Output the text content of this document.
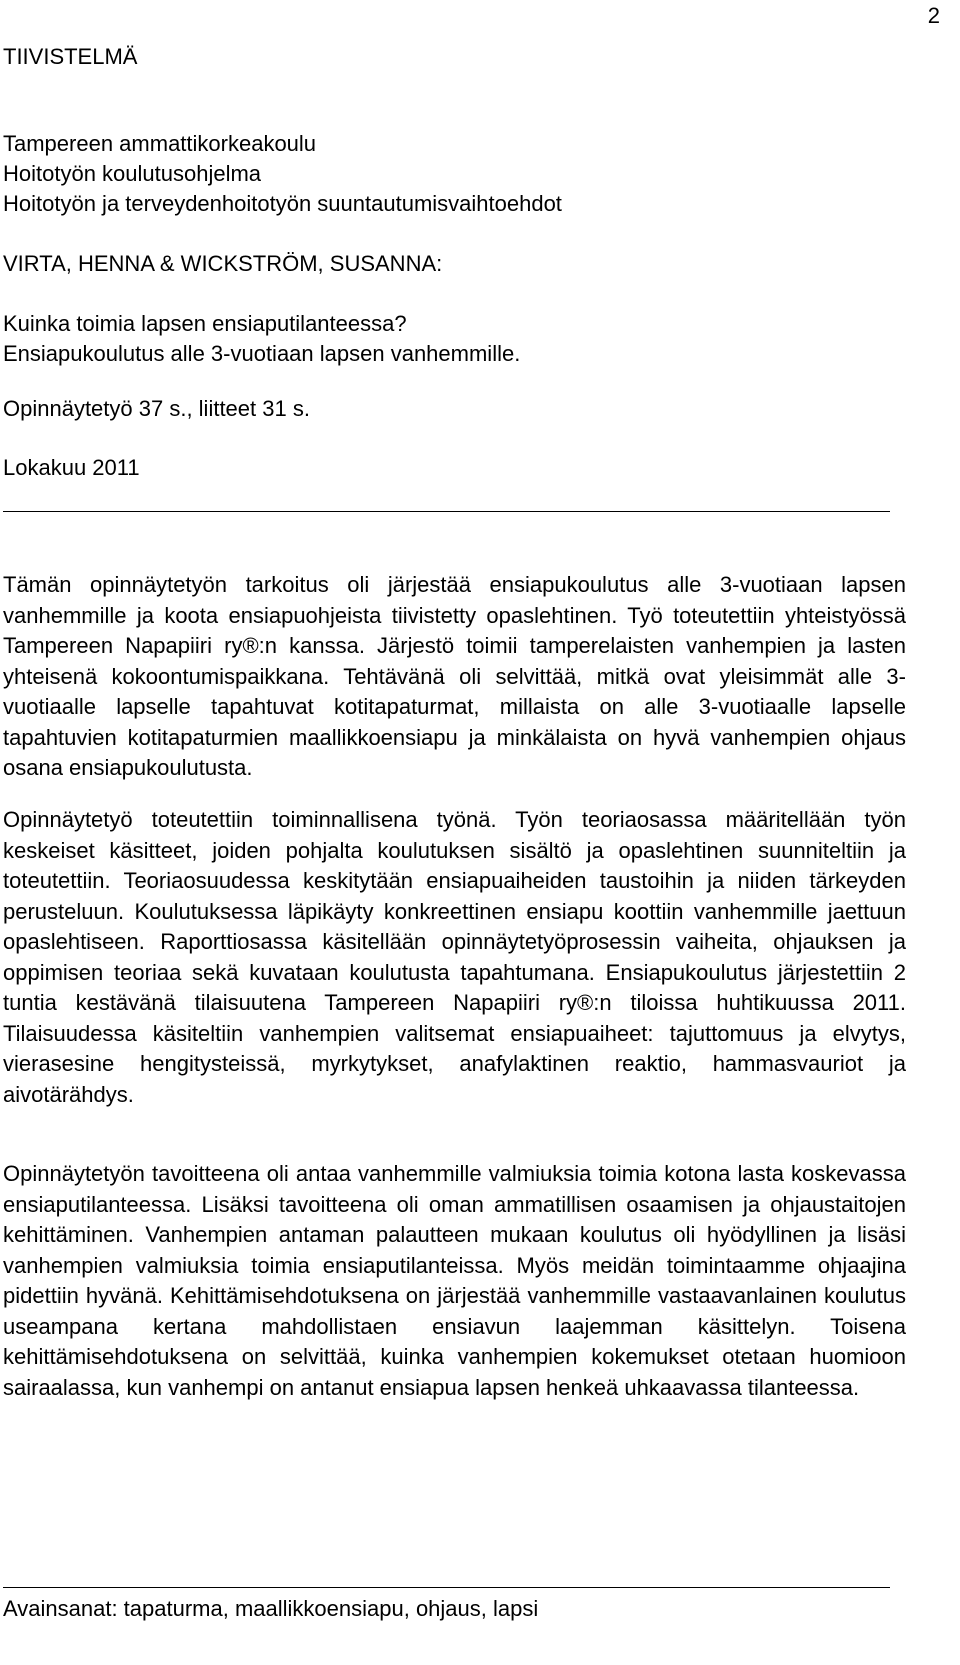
2
TIIVISTELMÄ
Tampereen ammattikorkeakoulu
Hoitotyön koulutusohjelma
Hoitotyön ja terveydenhoitotyön suuntautumisvaihtoehdot
VIRTA, HENNA & WICKSTRÖM, SUSANNA:
Kuinka toimia lapsen ensiaputilanteessa?
Ensiapukoulutus alle 3-vuotiaan lapsen vanhemmille.
Opinnäytetyö 37 s., liitteet 31 s.
Lokakuu 2011

Tämän opinnäytetyön tarkoitus oli järjestää ensiapukoulutus alle 3-vuotiaan lapsen vanhemmille ja koota ensiapuohjeista tiivistetty opaslehtinen. Työ toteutettiin yhteistyössä Tampereen Napapiiri ry®:n kanssa. Järjestö toimii tamperelaisten vanhempien ja lasten yhteisenä kokoontumispaikkana. Tehtävänä oli selvittää, mitkä ovat yleisimmät alle 3-vuotiaalle lapselle tapahtuvat kotitapaturmat, millaista on alle 3-vuotiaalle lapselle tapahtuvien kotitapaturmien maallikkoensiapu ja minkälaista on hyvä vanhempien ohjaus osana ensiapukoulutusta.

Opinnäytetyö toteutettiin toiminnallisena työnä. Työn teoriaosassa määritellään työn keskeiset käsitteet, joiden pohjalta koulutuksen sisältö ja opaslehtinen suunniteltiin ja toteutettiin. Teoriaosuudessa keskitytään ensiapuaiheiden taustoihin ja niiden tärkeyden perusteluun. Koulutuksessa läpikäyty konkreettinen ensiapu koottiin vanhemmille jaettuun opaslehtiseen. Raporttiosassa käsitellään opinnäytetyöprosessin vaiheita, ohjauksen ja oppimisen teoriaa sekä kuvataan koulutusta tapahtumana. Ensiapukoulutus järjestettiin 2 tuntia kestävänä tilaisuutena Tampereen Napapiiri ry®:n tiloissa huhtikuussa 2011. Tilaisuudessa käsiteltiin vanhempien valitsemat ensiapuaiheet: tajuttomuus ja elvytys, vierasesine hengitysteissä, myrkytykset, anafylaktinen reaktio, hammasvauriot ja aivotärähdys.

Opinnäytetyön tavoitteena oli antaa vanhemmille valmiuksia toimia kotona lasta koskevassa ensiaputilanteessa. Lisäksi tavoitteena oli oman ammatillisen osaamisen ja ohjaustaitojen kehittäminen. Vanhempien antaman palautteen mukaan koulutus oli hyödyllinen ja lisäsi vanhempien valmiuksia toimia ensiaputilanteissa. Myös meidän toimintaamme ohjaajina pidettiin hyvänä. Kehittämisehdotuksena on järjestää vanhemmille vastaavanlainen koulutus useampana kertana mahdollistaen ensiavun laajemman käsittelyn. Toisena kehittämisehdotuksena on selvittää, kuinka vanhempien kokemukset otetaan huomioon sairaalassa, kun vanhempi on antanut ensiapua lapsen henkeä uhkaavassa tilanteessa.

Avainsanat: tapaturma, maallikkoensiapu, ohjaus, lapsi
